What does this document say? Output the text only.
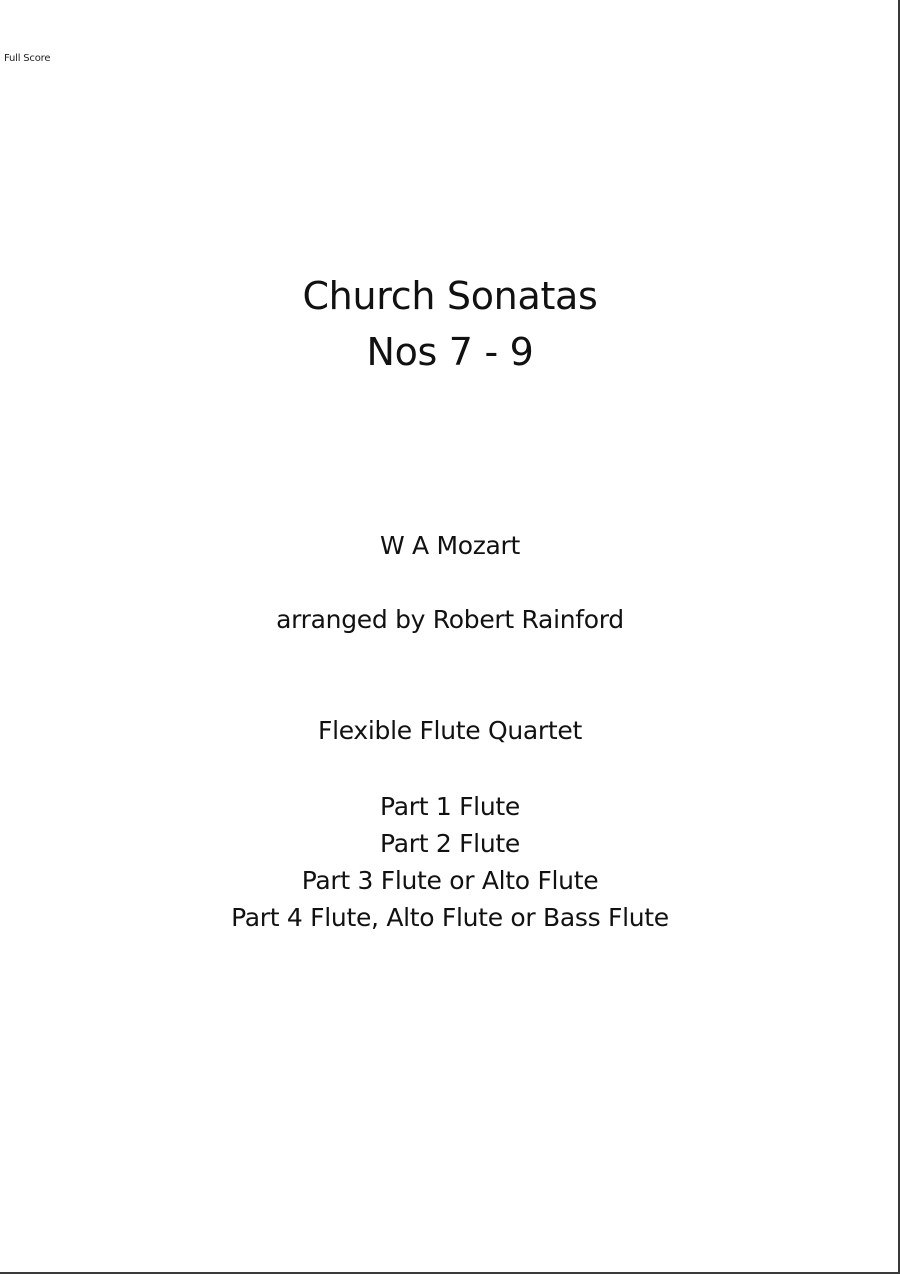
Full Score
Church Sonatas
Nos 7 - 9
W A Mozart
arranged by Robert Rainford
Flexible Flute Quartet
Part 1 Flute
Part 2 Flute
Part 3 Flute or Alto Flute
Part 4 Flute, Alto Flute or Bass Flute
